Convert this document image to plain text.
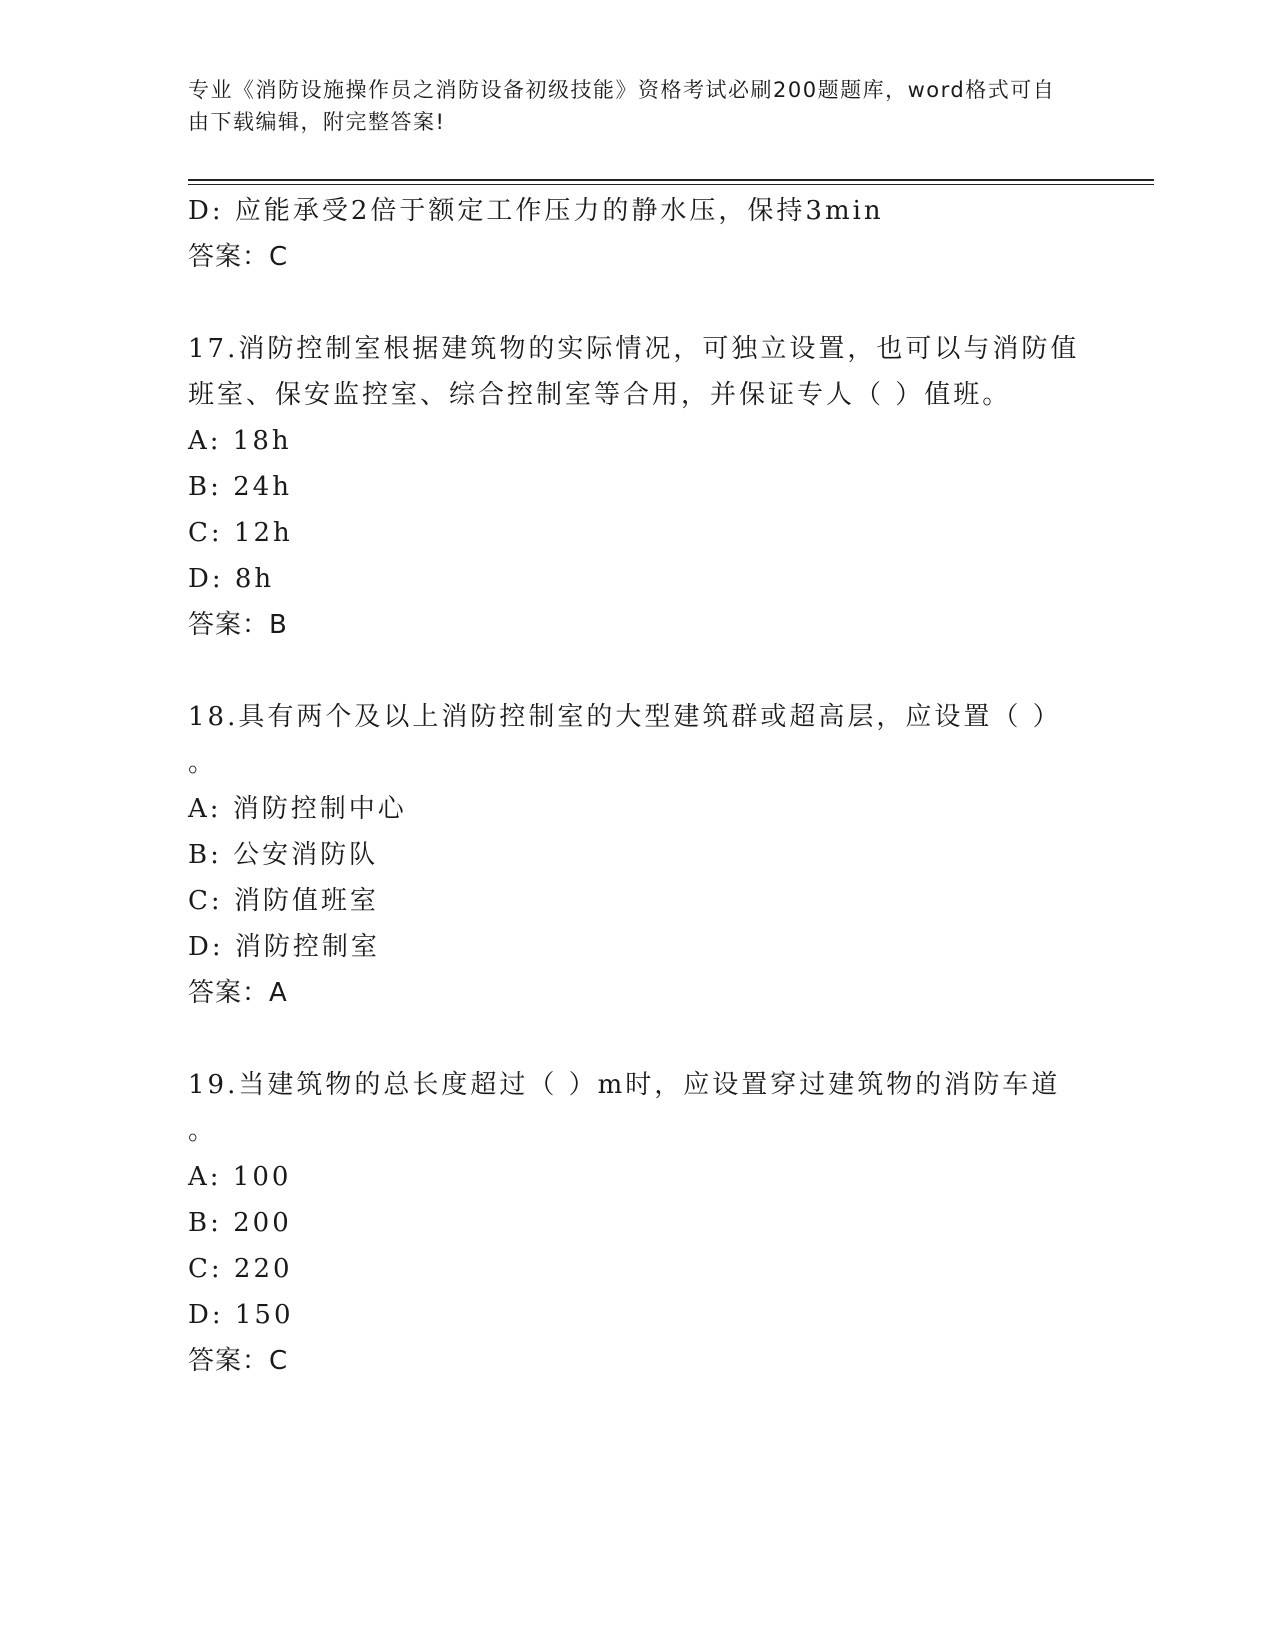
专业《消防设施操作员之消防设备初级技能》资格考试必刷200题题库，word格式可自由下载编辑，附完整答案!
D: 应能承受2倍于额定工作压力的静水压，保持3min
答案：C
17.消防控制室根据建筑物的实际情况，可独立设置，也可以与消防值
班室、保安监控室、综合控制室等合用，并保证专人（ ）值班。
A: 18h
B: 24h
C: 12h
D: 8h
答案：B
18.具有两个及以上消防控制室的大型建筑群或超高层，应设置（ ）
。
A: 消防控制中心
B: 公安消防队
C: 消防值班室
D: 消防控制室
答案：A
19.当建筑物的总长度超过（ ）m时，应设置穿过建筑物的消防车道
。
A: 100
B: 200
C: 220
D: 150
答案：C
